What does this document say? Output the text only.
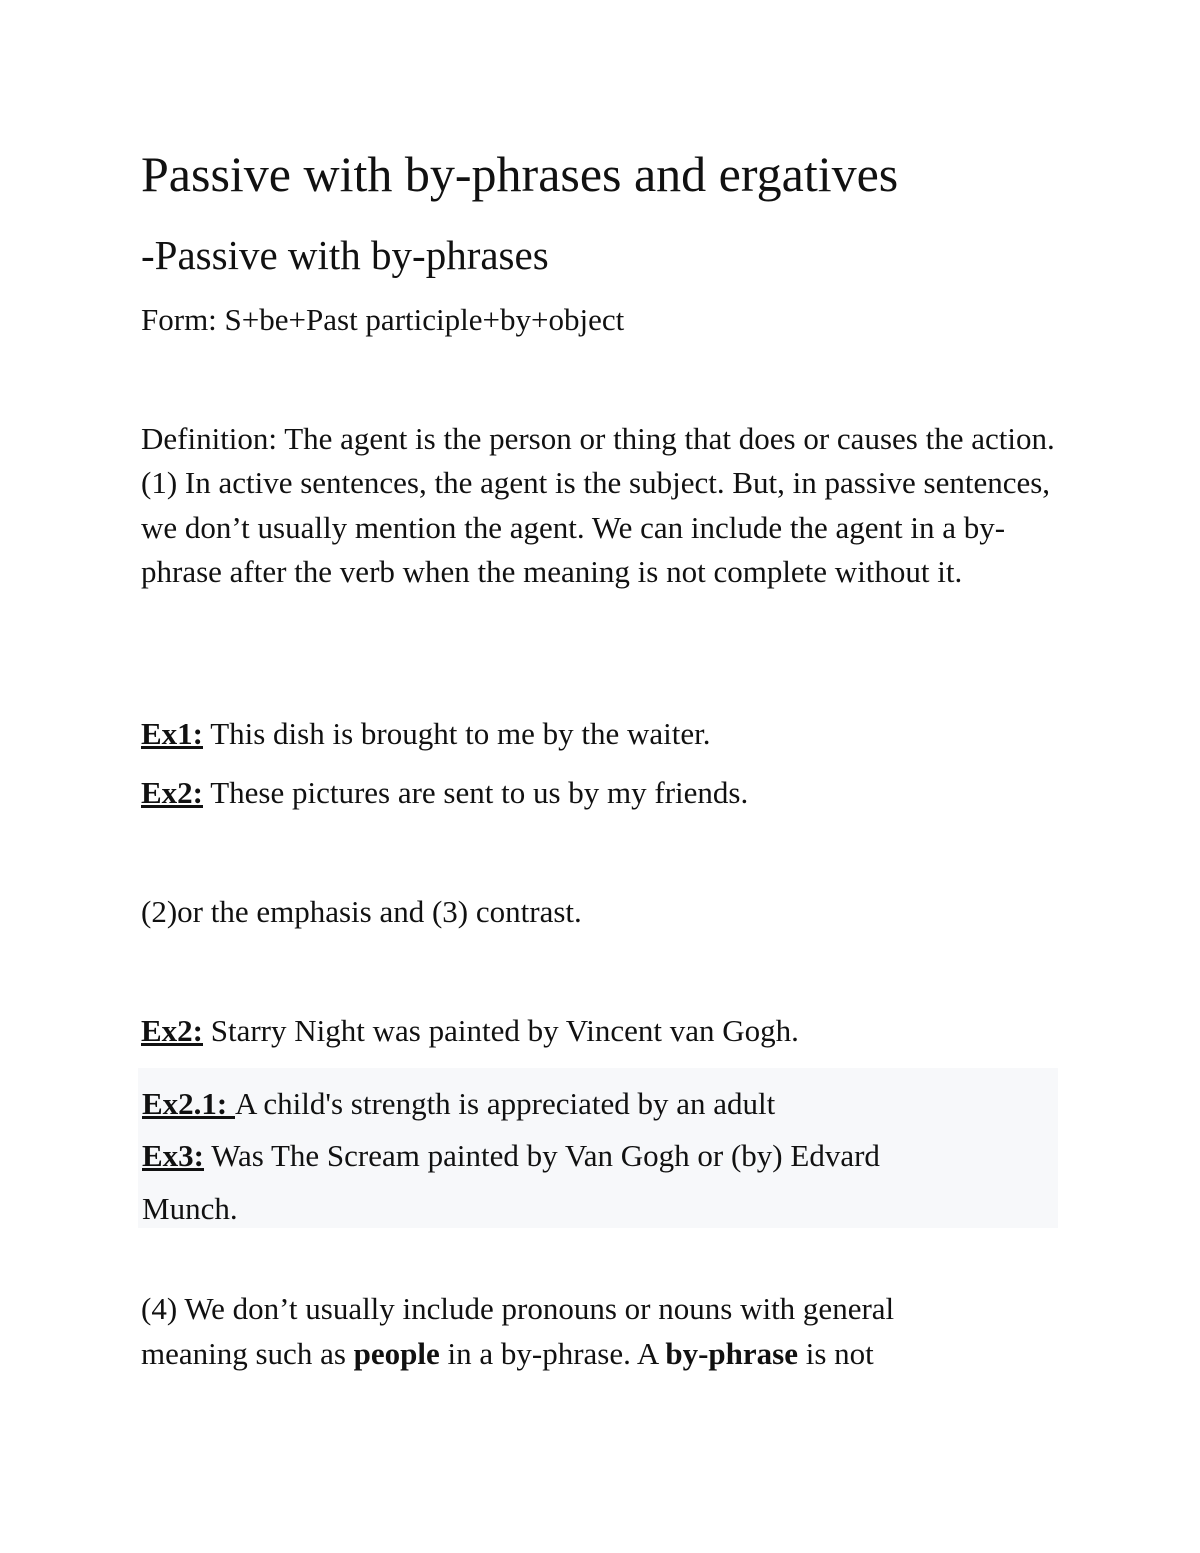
Passive with by-phrases and ergatives
-Passive with by-phrases

Form: S+be+Past participle+by+object

Definition: The agent is the person or thing that does or causes the action.(1) In active sentences, the agent is the subject. But, in passive sentences, we don’t usually mention the agent. We can include the agent in a by-phrase after the verb when the meaning is not complete without it.

Ex1: This dish is brought to me by the waiter.

Ex2: These pictures are sent to us by my friends.

(2)or the emphasis and (3) contrast.

Ex2: Starry Night was painted by Vincent van Gogh.

Ex2.1: A child's strength is appreciated by an adult

Ex3: Was The Scream painted by Van Gogh or (by) Edvard

Munch.

(4) We don’t usually include pronouns or nouns with general

meaning such as people in a by-phrase. A by-phrase is not
